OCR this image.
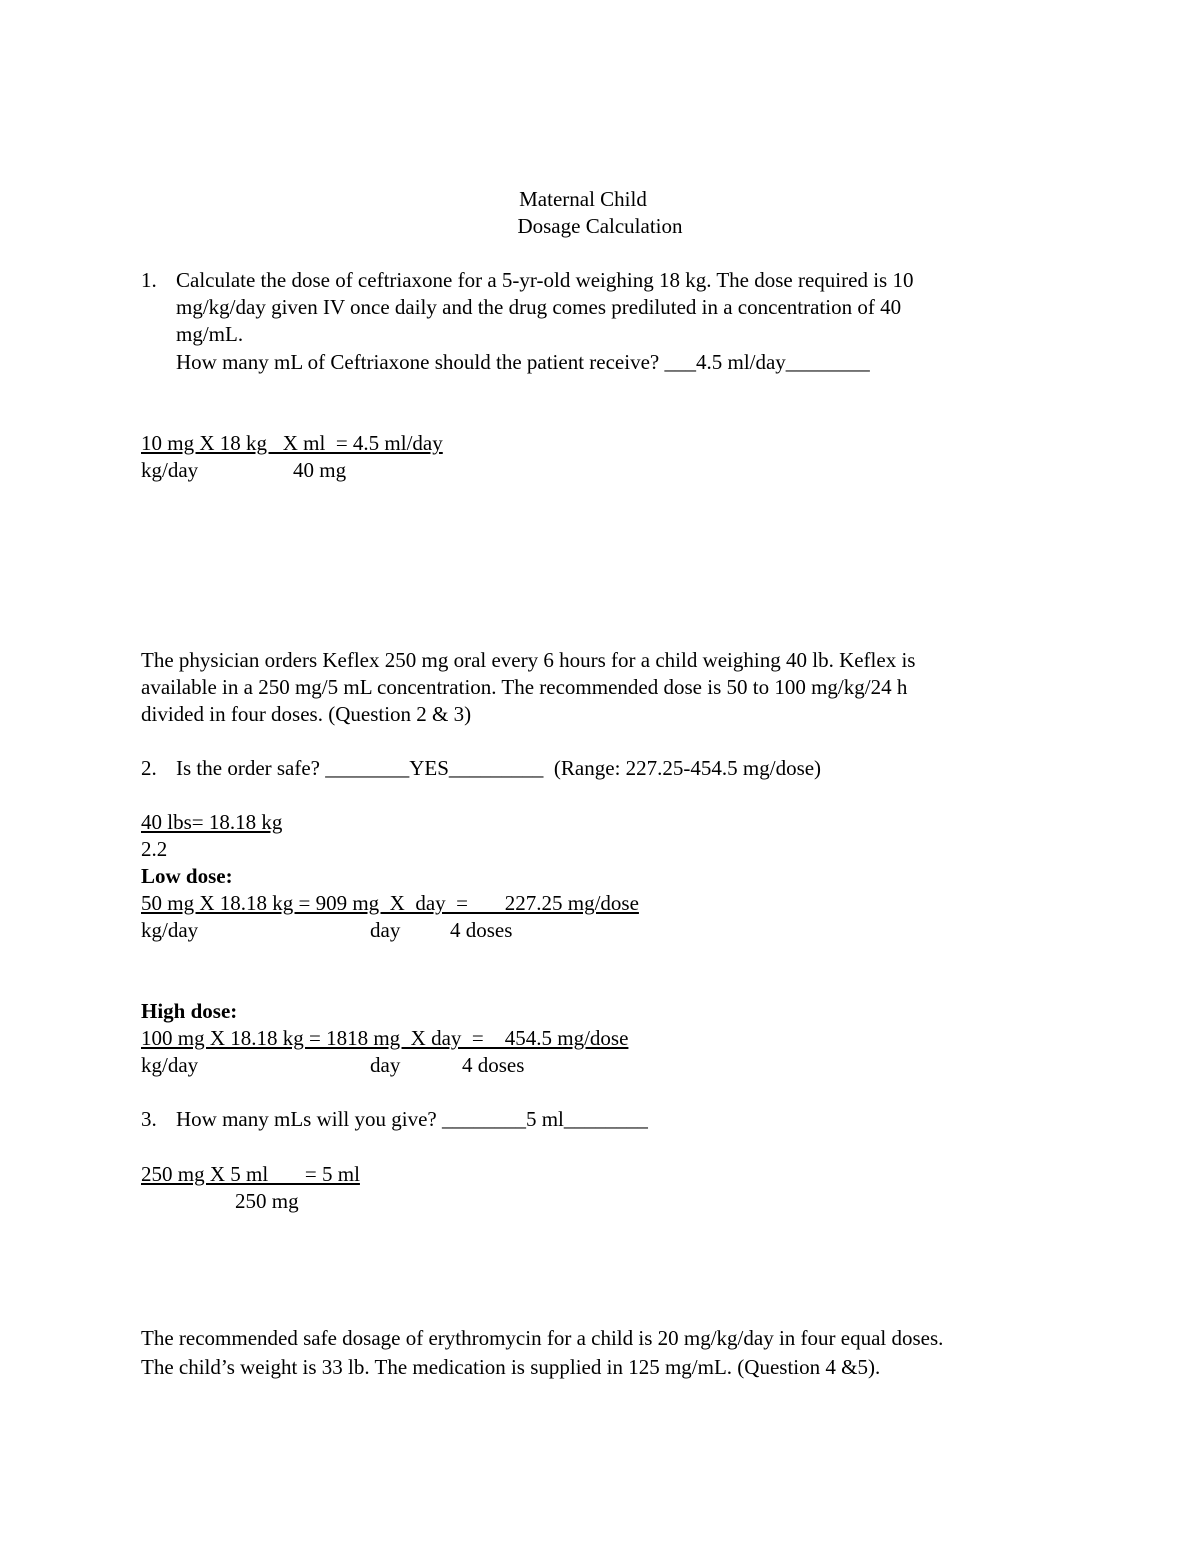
Maternal Child
Dosage Calculation
1. Calculate the dose of ceftriaxone for a 5-yr-old weighing 18 kg. The dose required is 10
mg/kg/day given IV once daily and the drug comes prediluted in a concentration of 40
mg/mL.
How many mL of Ceftriaxone should the patient receive? ___4.5 ml/day________
10 mg X 18 kg   X ml  = 4.5 ml/day
kg/day	40 mg
The physician orders Keflex 250 mg oral every 6 hours for a child weighing 40 lb. Keflex is
available in a 250 mg/5 mL concentration. The recommended dose is 50 to 100 mg/kg/24 h
divided in four doses. (Question 2 & 3)
2. Is the order safe? ________YES_________  (Range: 227.25-454.5 mg/dose)
40 lbs= 18.18 kg
2.2
Low dose:
50 mg X 18.18 kg = 909 mg  X  day  =       227.25 mg/dose
kg/day	day 4 doses
High dose:
100 mg X 18.18 kg = 1818 mg  X day  =    454.5 mg/dose
kg/day	day	4 doses
3. How many mLs will you give? ________5 ml________
250 mg X 5 ml       = 5 ml
250 mg
The recommended safe dosage of erythromycin for a child is 20 mg/kg/day in four equal doses.
The child’s weight is 33 lb. The medication is supplied in 125 mg/mL. (Question 4 &5).
